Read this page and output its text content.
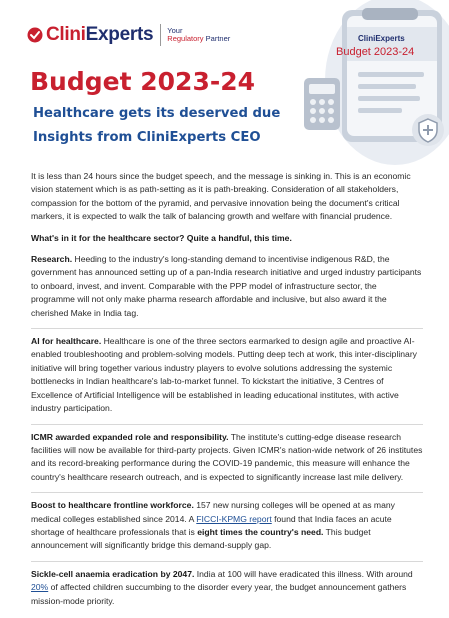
CliniExperts Your
Regulatory Partner	CliniExperts
Budget 2023-24
Budget 2023-24
Healthcare gets its deserved due
Insights from CliniExperts CEO

It is less than 24 hours since the budget speech, and the message is sinking in. This is an economic vision statement which is as path-setting as it is path-breaking. Consideration of all stakeholders, compassion for the bottom of the pyramid, and pervasive innovation being the document's critical markers, it is expected to walk the talk of balancing growth and welfare with financial prudence.

What's in it for the healthcare sector? Quite a handful, this time.

Research. Heeding to the industry's long-standing demand to incentivise indigenous R&D, the government has announced setting up of a pan-India research initiative and urged industry participants to onboard, invest, and invent. Comparable with the PPP model of infrastructure sector, the programme will not only make pharma research affordable and inclusive, but also award it the cherished Make in India tag.

AI for healthcare. Healthcare is one of the three sectors earmarked to design agile and proactive AI-enabled troubleshooting and problem-solving models. Putting deep tech at work, this inter-disciplinary initiative will bring together various industry players to evolve solutions addressing the systemic bottlenecks in Indian healthcare's lab-to-market funnel. To kickstart the initiative, 3 Centres of Excellence of Artificial Intelligence will be established in leading educational institutes, with active industry participation.

ICMR awarded expanded role and responsibility. The institute's cutting-edge disease research facilities will now be available for third-party projects. Given ICMR's nation-wide network of 26 institutes and its record-breaking performance during the COVID-19 pandemic, this measure will enhance the country's healthcare research outreach, and is expected to significantly increase last mile delivery.

Boost to healthcare frontline workforce. 157 new nursing colleges will be opened at as many medical colleges established since 2014. A FICCI-KPMG report found that India faces an acute shortage of healthcare professionals that is eight times the country's need. This budget announcement will significantly bridge this demand-supply gap.

Sickle-cell anaemia eradication by 2047. India at 100 will have eradicated this illness. With around 20% of affected children succumbing to the disorder every year, the budget announcement gathers mission-mode priority.
